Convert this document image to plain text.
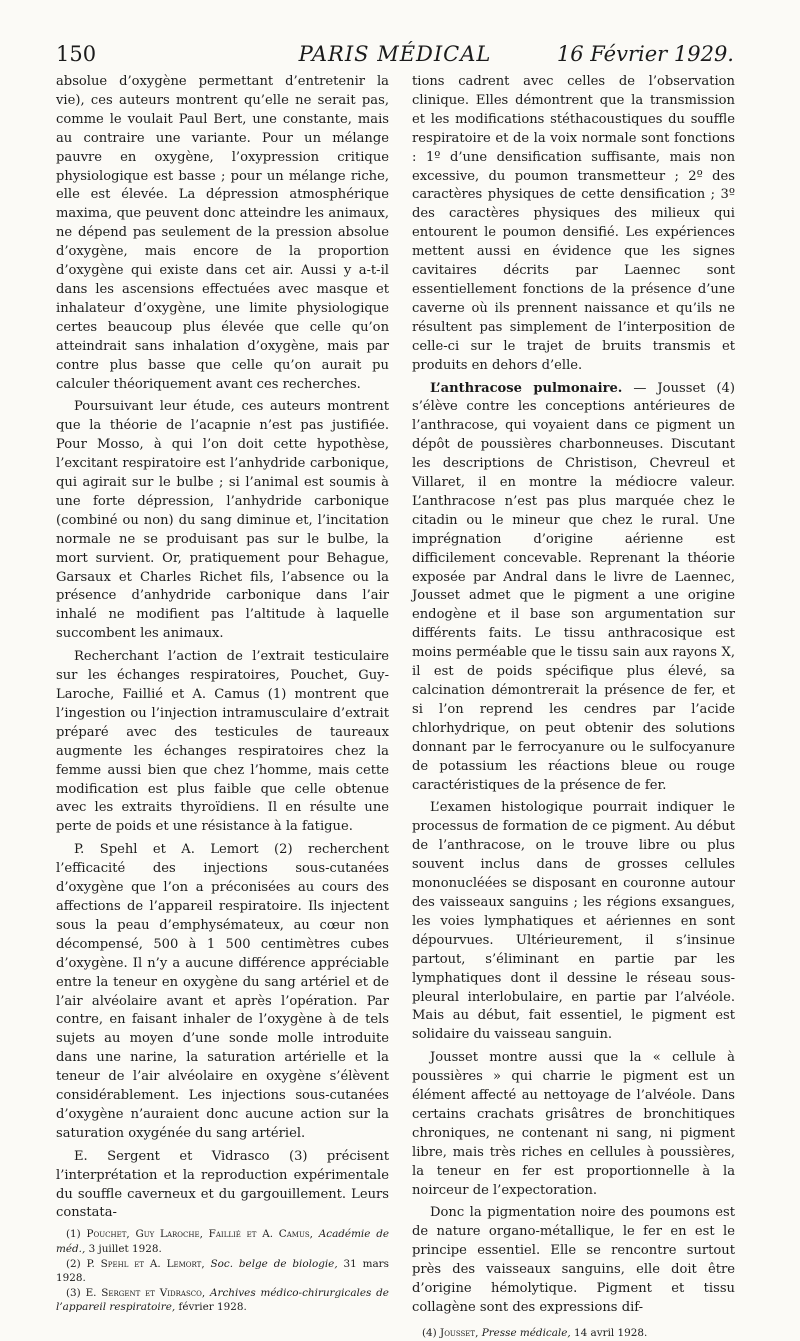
150	PARIS MÉDICAL	16 Février 1929.

absolue d’oxygène permettant d’entretenir la vie), ces auteurs montrent qu’elle ne serait pas, comme le voulait Paul Bert, une constante, mais au contraire une variante. Pour un mélange pauvre en oxygène, l’oxypression critique physiologique est basse ; pour un mélange riche, elle est élevée. La dépression atmosphérique maxima, que peuvent donc atteindre les animaux, ne dépend pas seulement de la pression absolue d’oxygène, mais encore de la proportion d’oxygène qui existe dans cet air. Aussi y a-t-il dans les ascensions effectuées avec masque et inhalateur d’oxygène, une limite physiologique certes beaucoup plus élevée que celle qu’on atteindrait sans inhalation d’oxygène, mais par contre plus basse que celle qu’on aurait pu calculer théoriquement avant ces recherches.

Poursuivant leur étude, ces auteurs montrent que la théorie de l’acapnie n’est pas justifiée. Pour Mosso, à qui l’on doit cette hypothèse, l’excitant respiratoire est l’anhydride carbonique, qui agirait sur le bulbe ; si l’animal est soumis à une forte dépression, l’anhydride carbonique (combiné ou non) du sang diminue et, l’incitation normale ne se produisant pas sur le bulbe, la mort survient. Or, pratiquement pour Behague, Garsaux et Charles Richet fils, l’absence ou la présence d’anhydride carbonique dans l’air inhalé ne modifient pas l’altitude à laquelle succombent les animaux.

Recherchant l’action de l’extrait testiculaire sur les échanges respiratoires, Pouchet, Guy-Laroche, Faillié et A. Camus (1) montrent que l’ingestion ou l’injection intramusculaire d’extrait préparé avec des testicules de taureaux augmente les échanges respiratoires chez la femme aussi bien que chez l’homme, mais cette modification est plus faible que celle obtenue avec les extraits thyroïdiens. Il en résulte une perte de poids et une résistance à la fatigue.

P. Spehl et A. Lemort (2) recherchent l’efficacité des injections sous-cutanées d’oxygène que l’on a préconisées au cours des affections de l’appareil respiratoire. Ils injectent sous la peau d’emphysémateux, au cœur non décompensé, 500 à 1 500 centimètres cubes d’oxygène. Il n’y a aucune différence appréciable entre la teneur en oxygène du sang artériel et de l’air alvéolaire avant et après l’opération. Par contre, en faisant inhaler de l’oxygène à de tels sujets au moyen d’une sonde molle introduite dans une narine, la saturation artérielle et la teneur de l’air alvéolaire en oxygène s’élèvent considérablement. Les injections sous-cutanées d’oxygène n’auraient donc aucune action sur la saturation oxygénée du sang artériel.

E. Sergent et Vidrasco (3) précisent l’interprétation et la reproduction expérimentale du souffle caverneux et du gargouillement. Leurs constata-

(1) Pouchet, Guy Laroche, Faillié et A. Camus, Académie de méd., 3 juillet 1928.

(2) P. Spehl et A. Lemort, Soc. belge de biologie, 31 mars 1928.

(3) E. Sergent et Vidrasco, Archives médico-chirurgicales de l’appareil respiratoire, février 1928.

tions cadrent avec celles de l’observation clinique. Elles démontrent que la transmission et les modifications stéthacoustiques du souffle respiratoire et de la voix normale sont fonctions : 1º d’une densification suffisante, mais non excessive, du poumon transmetteur ; 2º des caractères physiques de cette densification ; 3º des caractères physiques des milieux qui entourent le poumon densifié. Les expériences mettent aussi en évidence que les signes cavitaires décrits par Laennec sont essentiellement fonctions de la présence d’une caverne où ils prennent naissance et qu’ils ne résultent pas simplement de l’interposition de celle-ci sur le trajet de bruits transmis et produits en dehors d’elle.

L’anthracose pulmonaire. — Jousset (4) s’élève contre les conceptions antérieures de l’anthracose, qui voyaient dans ce pigment un dépôt de poussières charbonneuses. Discutant les descriptions de Christison, Chevreul et Villaret, il en montre la médiocre valeur. L’anthracose n’est pas plus marquée chez le citadin ou le mineur que chez le rural. Une imprégnation d’origine aérienne est difficilement concevable. Reprenant la théorie exposée par Andral dans le livre de Laennec, Jousset admet que le pigment a une origine endogène et il base son argumentation sur différents faits. Le tissu anthracosique est moins perméable que le tissu sain aux rayons X, il est de poids spécifique plus élevé, sa calcination démontrerait la présence de fer, et si l’on reprend les cendres par l’acide chlorhydrique, on peut obtenir des solutions donnant par le ferrocyanure ou le sulfocyanure de potassium les réactions bleue ou rouge caractéristiques de la présence de fer.

L’examen histologique pourrait indiquer le processus de formation de ce pigment. Au début de l’anthracose, on le trouve libre ou plus souvent inclus dans de grosses cellules mononucléées se disposant en couronne autour des vaisseaux sanguins ; les régions exsangues, les voies lymphatiques et aériennes en sont dépourvues. Ultérieurement, il s’insinue partout, s’éliminant en partie par les lymphatiques dont il dessine le réseau sous-pleural interlobulaire, en partie par l’alvéole. Mais au début, fait essentiel, le pigment est solidaire du vaisseau sanguin.

Jousset montre aussi que la « cellule à poussières » qui charrie le pigment est un élément affecté au nettoyage de l’alvéole. Dans certains crachats grisâtres de bronchitiques chroniques, ne contenant ni sang, ni pigment libre, mais très riches en cellules à poussières, la teneur en fer est proportionnelle à la noirceur de l’expectoration.

Donc la pigmentation noire des poumons est de nature organo-métallique, le fer en est le principe essentiel. Elle se rencontre surtout près des vaisseaux sanguins, elle doit être d’origine hémolytique. Pigment et tissu collagène sont des expressions dif-

(4) Jousset, Presse médicale, 14 avril 1928.
